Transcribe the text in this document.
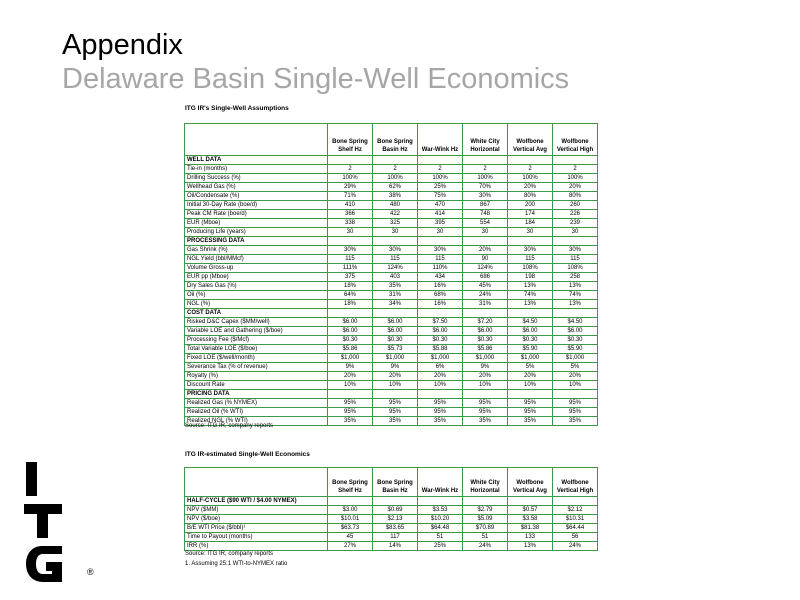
Appendix
Delaware Basin Single-Well Economics
ITG IR's Single-Well Assumptions
	Bone Spring Shelf Hz	Bone Spring Basin Hz	War-Wink Hz	White City Horizontal	Wolfbone Vertical Avg	Wolfbone Vertical High
WELL DATA						
Tie-in (months)	2	2	2	2	2	2
Drilling Success (%)	100%	100%	100%	100%	100%	100%
Wellhead Gas (%)	29%	62%	25%	70%	20%	20%
Oil/Condensate (%)	71%	38%	75%	30%	80%	80%
Initial 30-Day Rate (boe/d)	410	480	470	867	200	260
Peak CM Rate (boe/d)	366	422	414	748	174	226
EUR (Mboe)	338	325	395	554	184	239
Producing Life (years)	30	30	30	30	30	30
PROCESSING DATA						
Gas Shrink (%)	30%	30%	30%	20%	30%	30%
NGL Yield (bbl/MMcf)	115	115	115	90	115	115
Volume Gross-up	111%	124%	110%	124%	108%	108%
EUR pp (Mboe)	375	403	434	686	198	258
Dry Sales Gas (%)	18%	35%	16%	45%	13%	13%
Oil (%)	64%	31%	68%	24%	74%	74%
NGL (%)	18%	34%	16%	31%	13%	13%
COST DATA						
Risked D&C Capex ($MM/well)	$6.00	$6.00	$7.50	$7.20	$4.50	$4.50
Variable LOE and Gathering ($/boe)	$6.00	$6.00	$6.00	$6.00	$6.00	$6.00
Processing Fee ($/Mcf)	$0.30	$0.30	$0.30	$0.30	$0.30	$0.30
Total Variable LOE ($/boe)	$5.86	$5.73	$5.88	$5.86	$5.90	$5.90
Fixed LOE ($/well/month)	$1,000	$1,000	$1,000	$1,000	$1,000	$1,000
Severance Tax (% of revenue)	9%	9%	6%	9%	5%	5%
Royalty (%)	20%	20%	20%	20%	20%	20%
Discount Rate	10%	10%	10%	10%	10%	10%
PRICING DATA						
Realized Gas (% NYMEX)	95%	95%	95%	95%	95%	95%
Realized Oil (% WTI)	95%	95%	95%	95%	95%	95%
Realized NGL (% WTI)	35%	35%	35%	35%	35%	35%
Source: ITG IR, company reports
ITG IR-estimated Single-Well Economics
	Bone Spring Shelf Hz	Bone Spring Basin Hz	War-Wink Hz	White City Horizontal	Wolfbone Vertical Avg	Wolfbone Vertical High
HALF-CYCLE ($90 WTI / $4.00 NYMEX)						
NPV ($MM)	$3.00	$0.69	$3.53	$2.79	$0.57	$2.12
NPV ($/boe)	$10.01	$2.13	$10.20	$5.09	$3.58	$10.31
B/E WTI Price ($/bbl)¹	$63.73	$83.65	$64.48	$70.89	$81.38	$64.44
Time to Payout (months)	45	117	51	51	133	56
IRR (%)	27%	14%	25%	24%	13%	24%
Source: ITG IR, company reports
1. Assuming 25:1 WTI-to-NYMEX ratio
®
